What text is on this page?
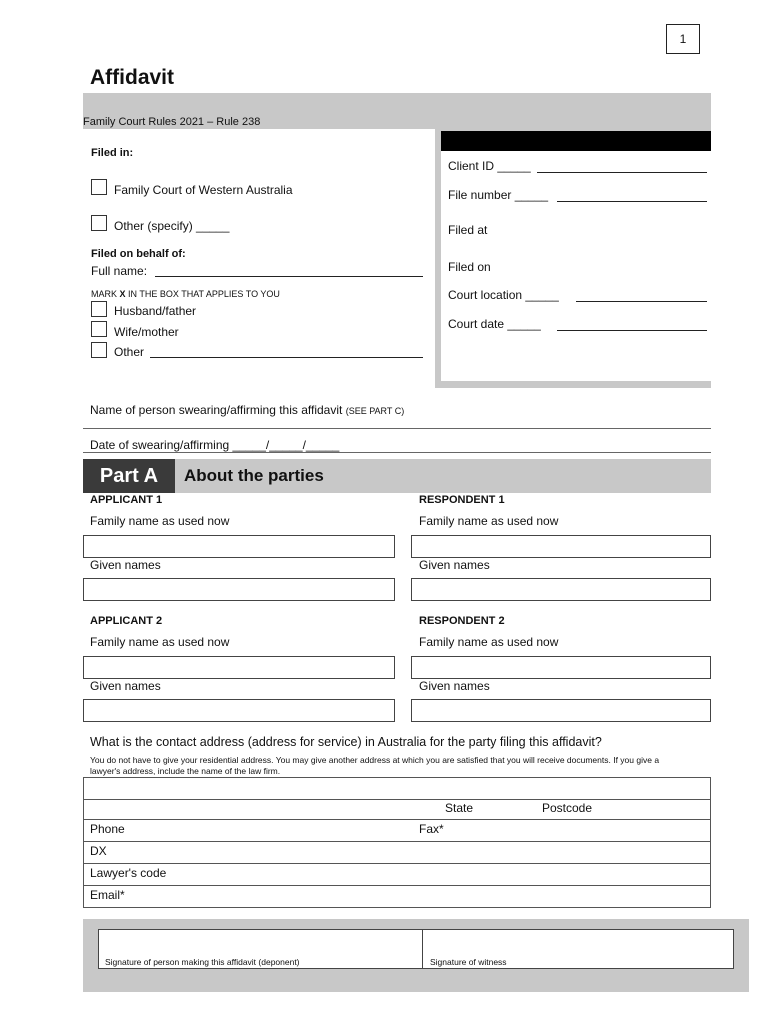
1
Affidavit
Family Court Rules 2021 – Rule 238
Client ID _____
File number _____
Filed at
Filed on
Court location _____
Court date _____
Filed in:
Family Court of Western Australia
Other (specify) _____
Filed on behalf of:
Full name:
MARK X IN THE BOX THAT APPLIES TO YOU
Husband/father
Wife/mother
Other
Name of person swearing/affirming this affidavit (SEE PART C)
Date of swearing/affirming _____/_____/_____
Part A	About the parties
APPLICANT 1	RESPONDENT 1
Family name as used now	Family name as used now
Given names	Given names
APPLICANT 2	RESPONDENT 2
Family name as used now	Family name as used now
Given names	Given names
What is the contact address (address for service) in Australia for the party filing this affidavit?
You do not have to give your residential address. You may give another address at which you are satisfied that you will receive documents. If you give a lawyer's address, include the name of the law firm.
State	Postcode
Phone	Fax*
DX
Lawyer's code
Email*
Signature of person making this affidavit (deponent)	Signature of witness
